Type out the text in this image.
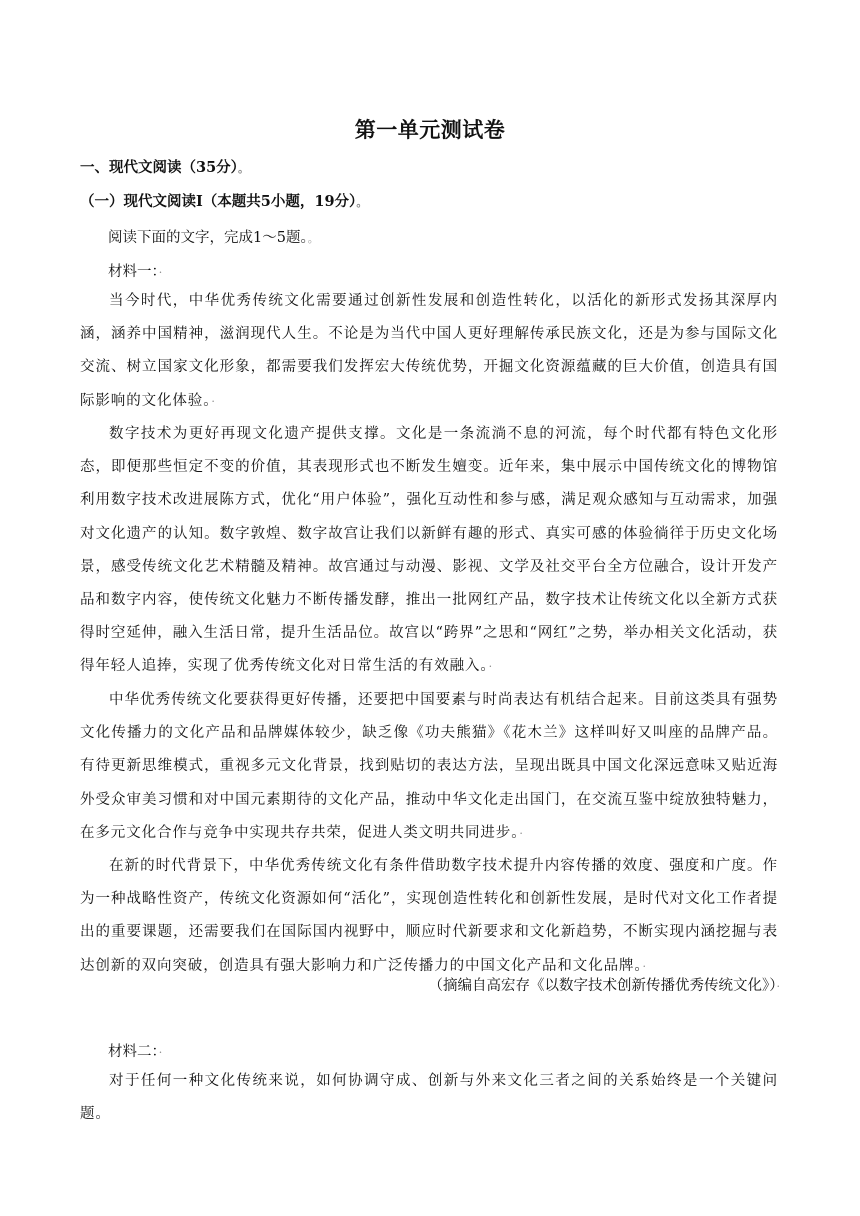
第一单元测试卷
一、现代文阅读（35分）。
（一）现代文阅读Ⅰ（本题共5小题，19分）。
阅读下面的文字，完成1～5题。。
材料一：·
当今时代，中华优秀传统文化需要通过创新性发展和创造性转化，以活化的新形式发扬其深厚内涵，涵养中国精神，滋润现代人生。不论是为当代中国人更好理解传承民族文化，还是为参与国际文化交流、树立国家文化形象，都需要我们发挥宏大传统优势，开掘文化资源蕴藏的巨大价值，创造具有国际影响的文化体验。·
数字技术为更好再现文化遗产提供支撑。文化是一条流淌不息的河流，每个时代都有特色文化形态，即便那些恒定不变的价值，其表现形式也不断发生嬗变。近年来，集中展示中国传统文化的博物馆利用数字技术改进展陈方式，优化“用户体验”，强化互动性和参与感，满足观众感知与互动需求，加强对文化遗产的认知。数字敦煌、数字故宫让我们以新鲜有趣的形式、真实可感的体验徜徉于历史文化场景，感受传统文化艺术精髓及精神。故宫通过与动漫、影视、文学及社交平台全方位融合，设计开发产品和数字内容，使传统文化魅力不断传播发酵，推出一批网红产品，数字技术让传统文化以全新方式获得时空延伸，融入生活日常，提升生活品位。故宫以“跨界”之思和“网红”之势，举办相关文化活动，获得年轻人追捧，实现了优秀传统文化对日常生活的有效融入。·
中华优秀传统文化要获得更好传播，还要把中国要素与时尚表达有机结合起来。目前这类具有强势文化传播力的文化产品和品牌媒体较少，缺乏像《功夫熊猫》《花木兰》这样叫好又叫座的品牌产品。有待更新思维模式，重视多元文化背景，找到贴切的表达方法，呈现出既具中国文化深远意味又贴近海外受众审美习惯和对中国元素期待的文化产品，推动中华文化走出国门，在交流互鉴中绽放独特魅力，在多元文化合作与竞争中实现共存共荣，促进人类文明共同进步。·
在新的时代背景下，中华优秀传统文化有条件借助数字技术提升内容传播的效度、强度和广度。作为一种战略性资产，传统文化资源如何“活化”，实现创造性转化和创新性发展，是时代对文化工作者提出的重要课题，还需要我们在国际国内视野中，顺应时代新要求和文化新趋势，不断实现内涵挖掘与表达创新的双向突破，创造具有强大影响力和广泛传播力的中国文化产品和文化品牌。·
（摘编自高宏存《以数字技术创新传播优秀传统文化》）·
材料二：·
对于任何一种文化传统来说，如何协调守成、创新与外来文化三者之间的关系始终是一个关键问题。
